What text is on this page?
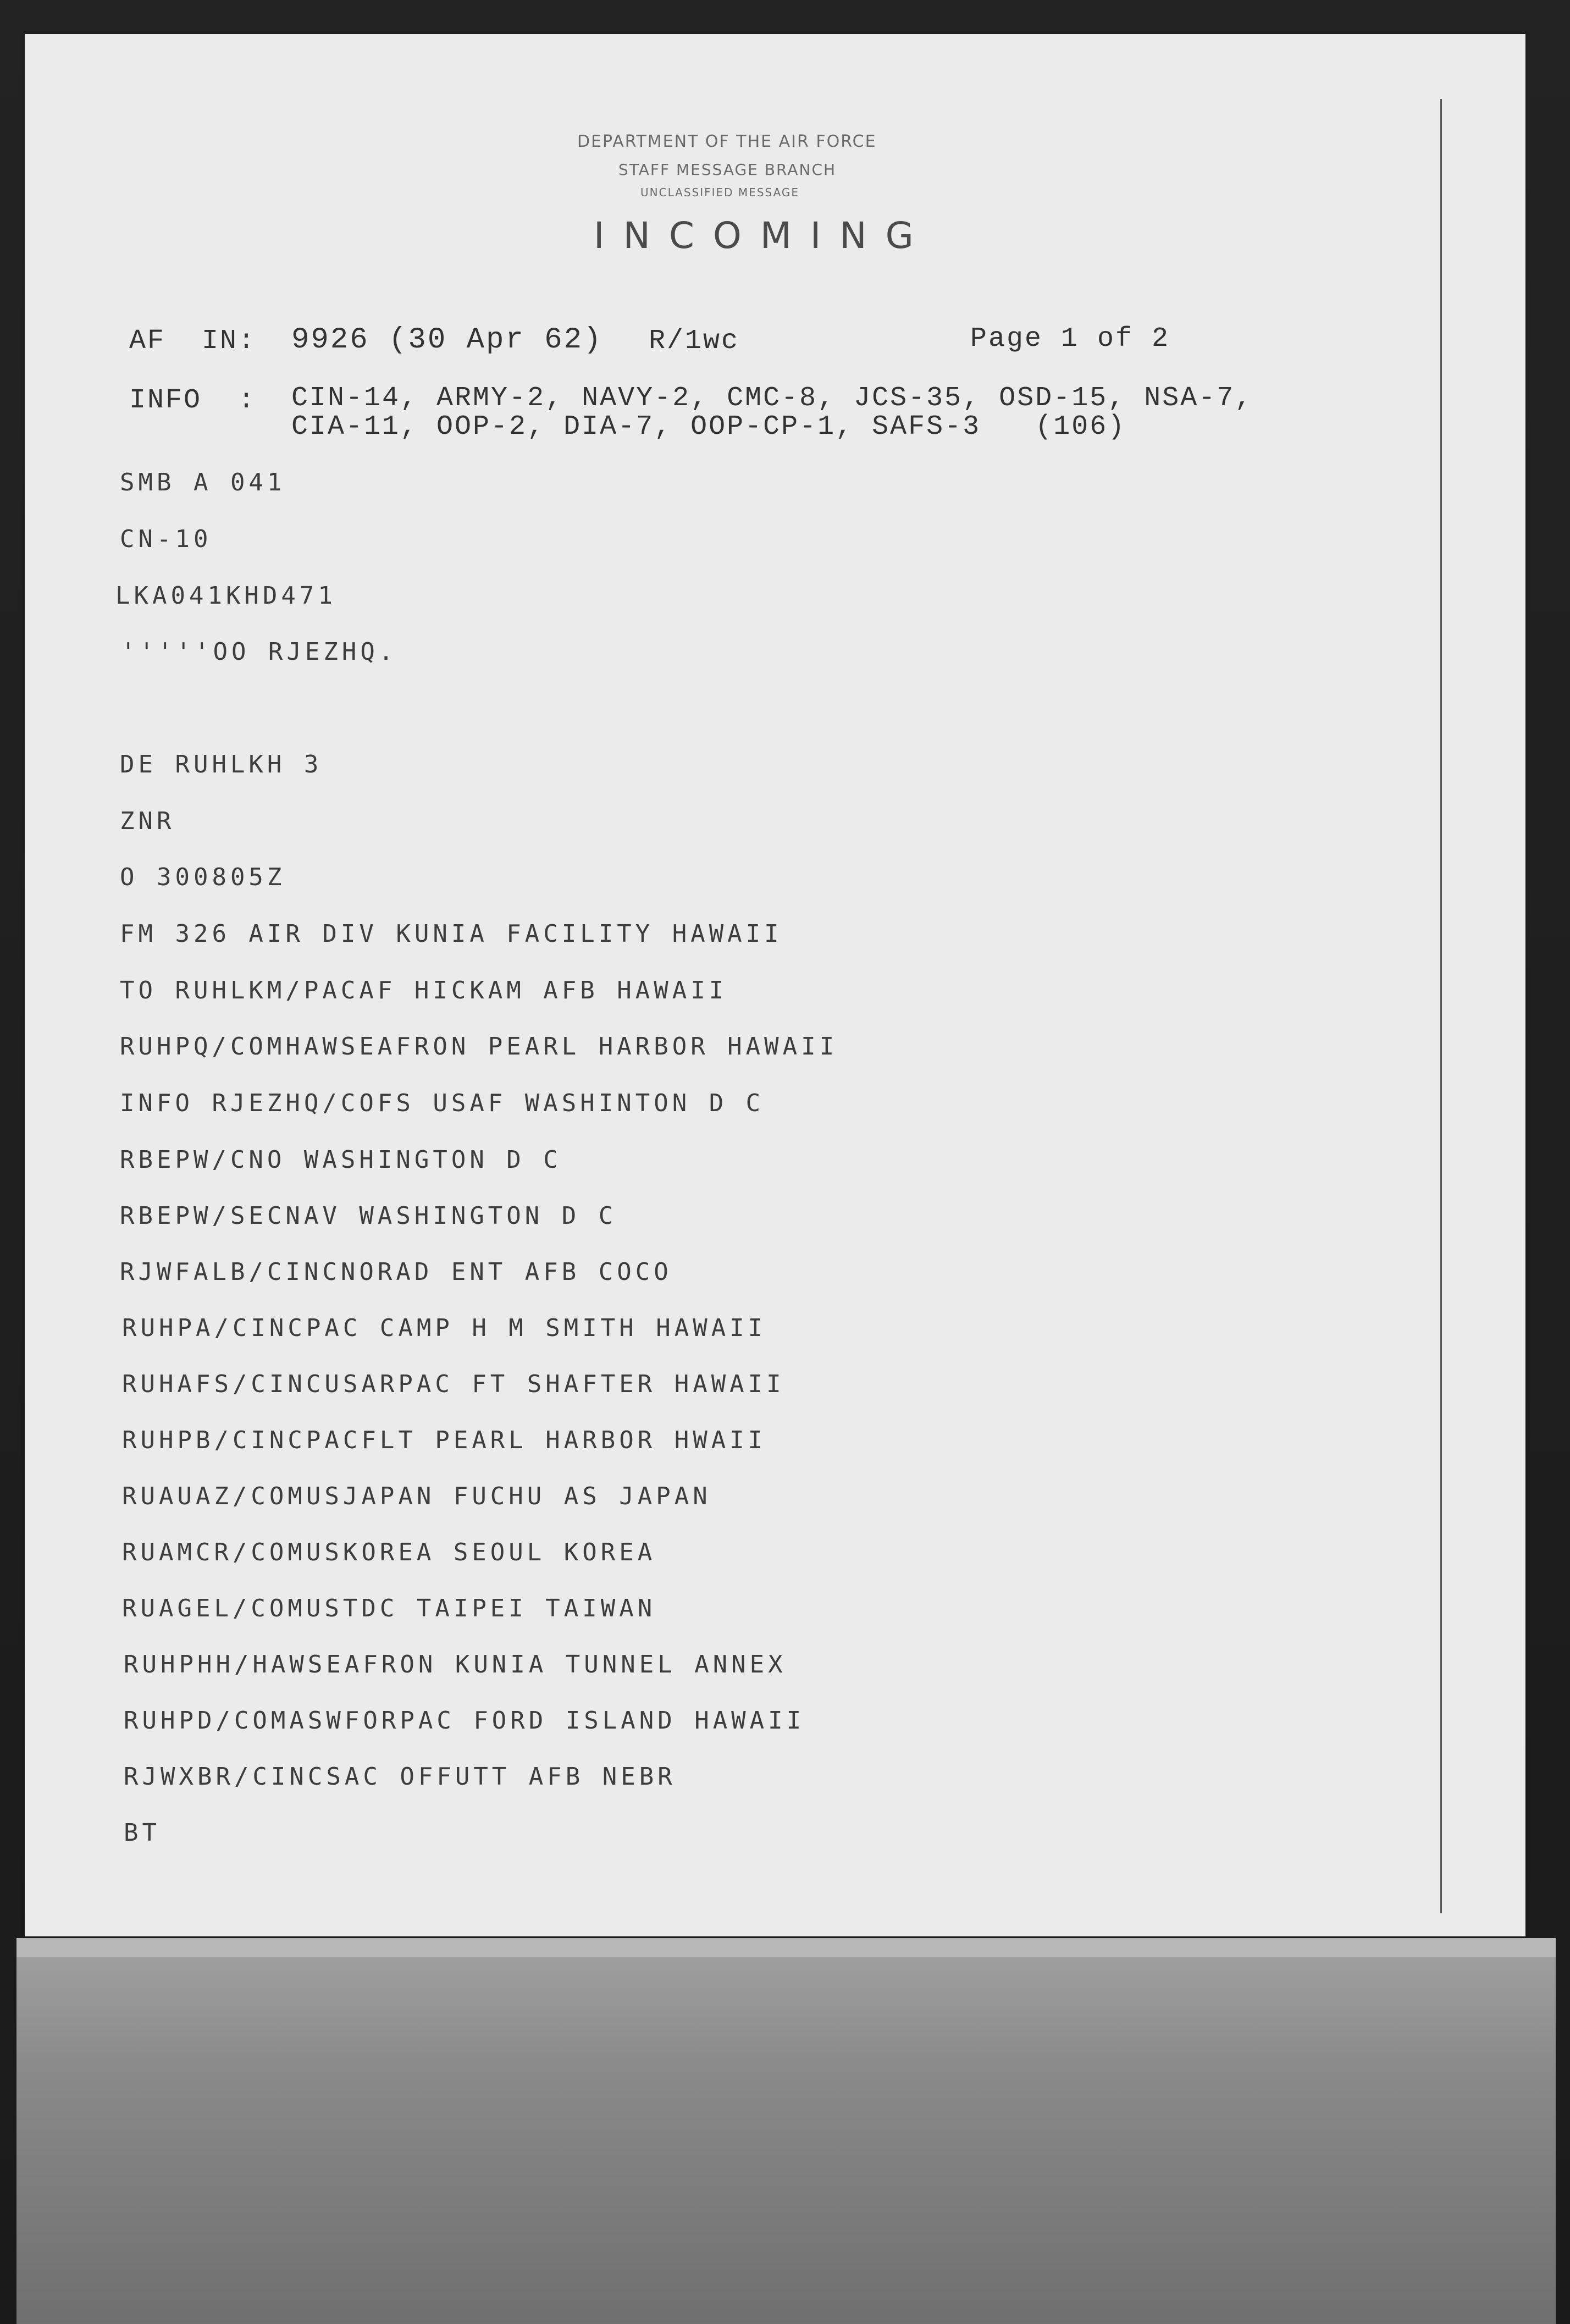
DEPARTMENT OF THE AIR FORCE
STAFF MESSAGE BRANCH
UNCLASSIFIED MESSAGE
INCOMING
AF  IN: 9926 (30 Apr 62) R/1wc	Page 1 of 2
INFO  : CIN-14, ARMY-2, NAVY-2, CMC-8, JCS-35, OSD-15, NSA-7,
CIA-11, OOP-2, DIA-7, OOP-CP-1, SAFS-3   (106)
SMB A 041
CN-10
LKA041KHD471
'''''OO RJEZHQ.
DE RUHLKH 3
ZNR
O 300805Z
FM 326 AIR DIV KUNIA FACILITY HAWAII
TO RUHLKM/PACAF HICKAM AFB HAWAII
RUHPQ/COMHAWSEAFRON PEARL HARBOR HAWAII
INFO RJEZHQ/COFS USAF WASHINTON D C
RBEPW/CNO WASHINGTON D C
RBEPW/SECNAV WASHINGTON D C
RJWFALB/CINCNORAD ENT AFB COCO
RUHPA/CINCPAC CAMP H M SMITH HAWAII
RUHAFS/CINCUSARPAC FT SHAFTER HAWAII
RUHPB/CINCPACFLT PEARL HARBOR HWAII
RUAUAZ/COMUSJAPAN FUCHU AS JAPAN
RUAMCR/COMUSKOREA SEOUL KOREA
RUAGEL/COMUSTDC TAIPEI TAIWAN
RUHPHH/HAWSEAFRON KUNIA TUNNEL ANNEX
RUHPD/COMASWFORPAC FORD ISLAND HAWAII
RJWXBR/CINCSAC OFFUTT AFB NEBR
BT
